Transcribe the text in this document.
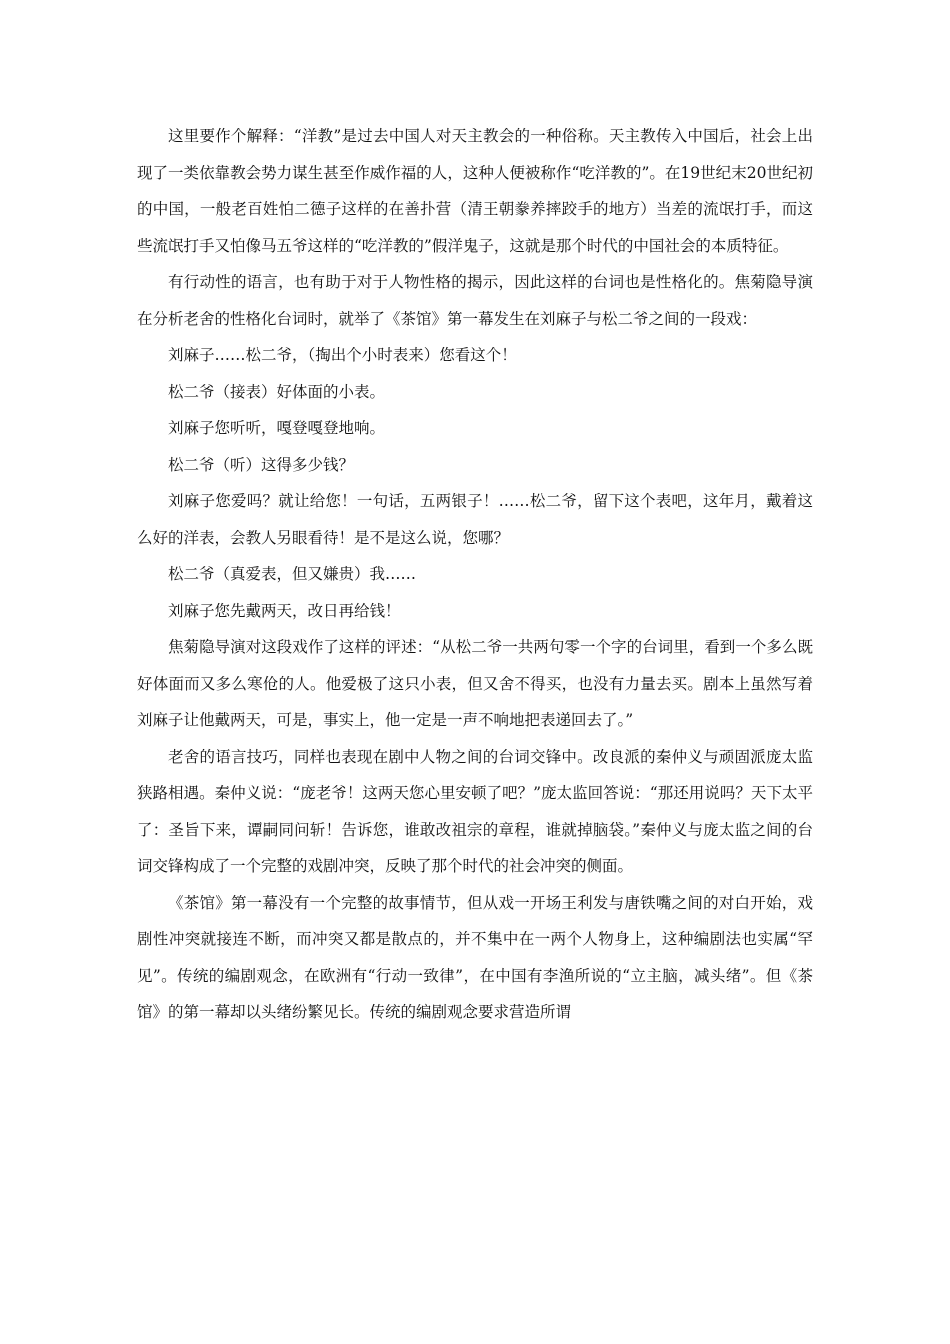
这里要作个解释：“洋教”是过去中国人对天主教会的一种俗称。天主教传入中国后，社会上出现了一类依靠教会势力谋生甚至作威作福的人，这种人便被称作“吃洋教的”。在19世纪末20世纪初的中国，一般老百姓怕二德子这样的在善扑营（清王朝豢养摔跤手的地方）当差的流氓打手，而这些流氓打手又怕像马五爷这样的“吃洋教的”假洋鬼子，这就是那个时代的中国社会的本质特征。

有行动性的语言，也有助于对于人物性格的揭示，因此这样的台词也是性格化的。焦菊隐导演在分析老舍的性格化台词时，就举了《茶馆》第一幕发生在刘麻子与松二爷之间的一段戏：

刘麻子……松二爷，（掏出个小时表来）您看这个！

松二爷（接表）好体面的小表。

刘麻子您听听，嘎登嘎登地响。

松二爷（听）这得多少钱？

刘麻子您爱吗？就让给您！一句话，五两银子！……松二爷，留下这个表吧，这年月，戴着这么好的洋表，会教人另眼看待！是不是这么说，您哪？

松二爷（真爱表，但又嫌贵）我……

刘麻子您先戴两天，改日再给钱！

焦菊隐导演对这段戏作了这样的评述：“从松二爷一共两句零一个字的台词里，看到一个多么既好体面而又多么寒伧的人。他爱极了这只小表，但又舍不得买，也没有力量去买。剧本上虽然写着刘麻子让他戴两天，可是，事实上，他一定是一声不响地把表递回去了。”

老舍的语言技巧，同样也表现在剧中人物之间的台词交锋中。改良派的秦仲义与顽固派庞太监狭路相遇。秦仲义说：“庞老爷！这两天您心里安顿了吧？”庞太监回答说：“那还用说吗？天下太平了：圣旨下来，谭嗣同问斩！告诉您，谁敢改祖宗的章程，谁就掉脑袋。”秦仲义与庞太监之间的台词交锋构成了一个完整的戏剧冲突，反映了那个时代的社会冲突的侧面。

《茶馆》第一幕没有一个完整的故事情节，但从戏一开场王利发与唐铁嘴之间的对白开始，戏剧性冲突就接连不断，而冲突又都是散点的，并不集中在一两个人物身上，这种编剧法也实属“罕见”。传统的编剧观念，在欧洲有“行动一致律”，在中国有李渔所说的“立主脑，减头绪”。但《茶馆》的第一幕却以头绪纷繁见长。传统的编剧观念要求营造所谓
